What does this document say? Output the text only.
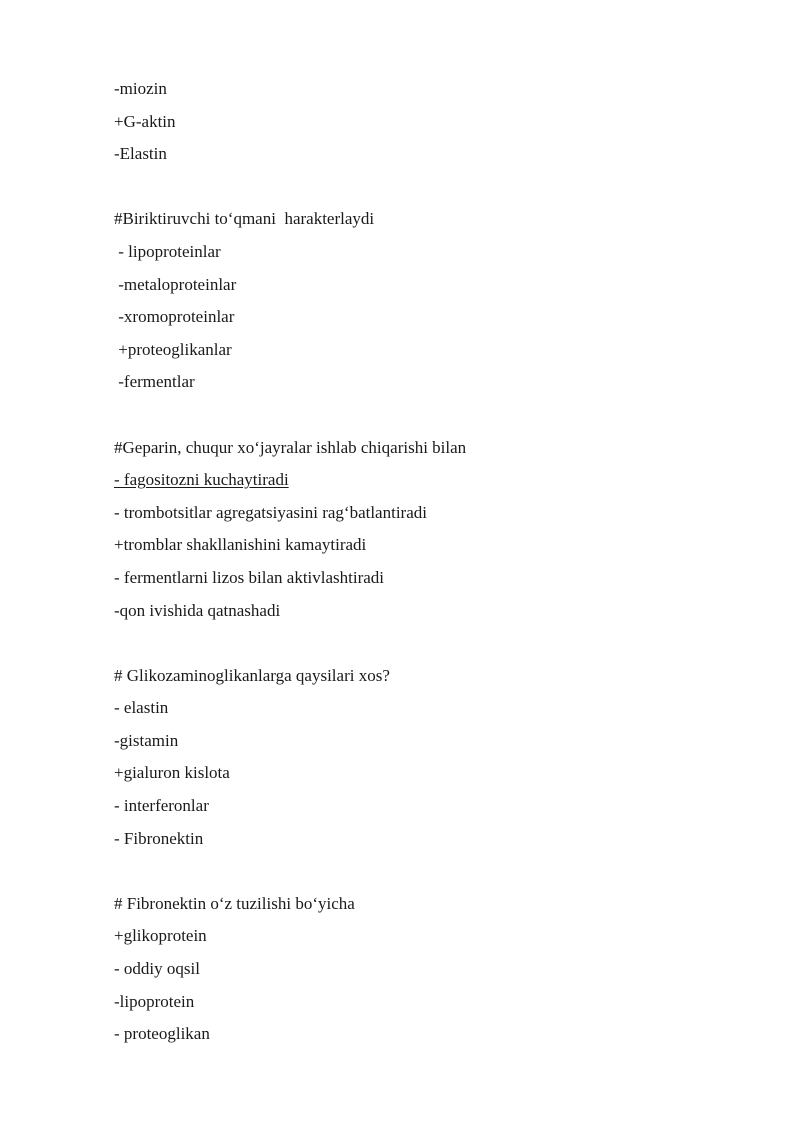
-miozin
+G-aktin
-Elastin
#Biriktiruvchi to‘qmani  harakterlaydi
- lipoproteinlar
-metaloproteinlar
-xromoproteinlar
+proteoglikanlar
-fermentlar
#Geparin, chuqur xo‘jayralar ishlab chiqarishi bilan
- fagositozni kuchaytiradi
- trombotsitlar agregatsiyasini rag‘batlantiradi
+tromblar shakllanishini kamaytiradi
- fermentlarni lizos bilan aktivlashtiradi
-qon ivishida qatnashadi
# Glikozaminoglikanlarga qaysilari xos?
- elastin
-gistamin
+gialuron kislota
- interferonlar
- Fibronektin
# Fibronektin o‘z tuzilishi bo‘yicha
+glikoprotein
- oddiy oqsil
-lipoprotein
- proteoglikan
